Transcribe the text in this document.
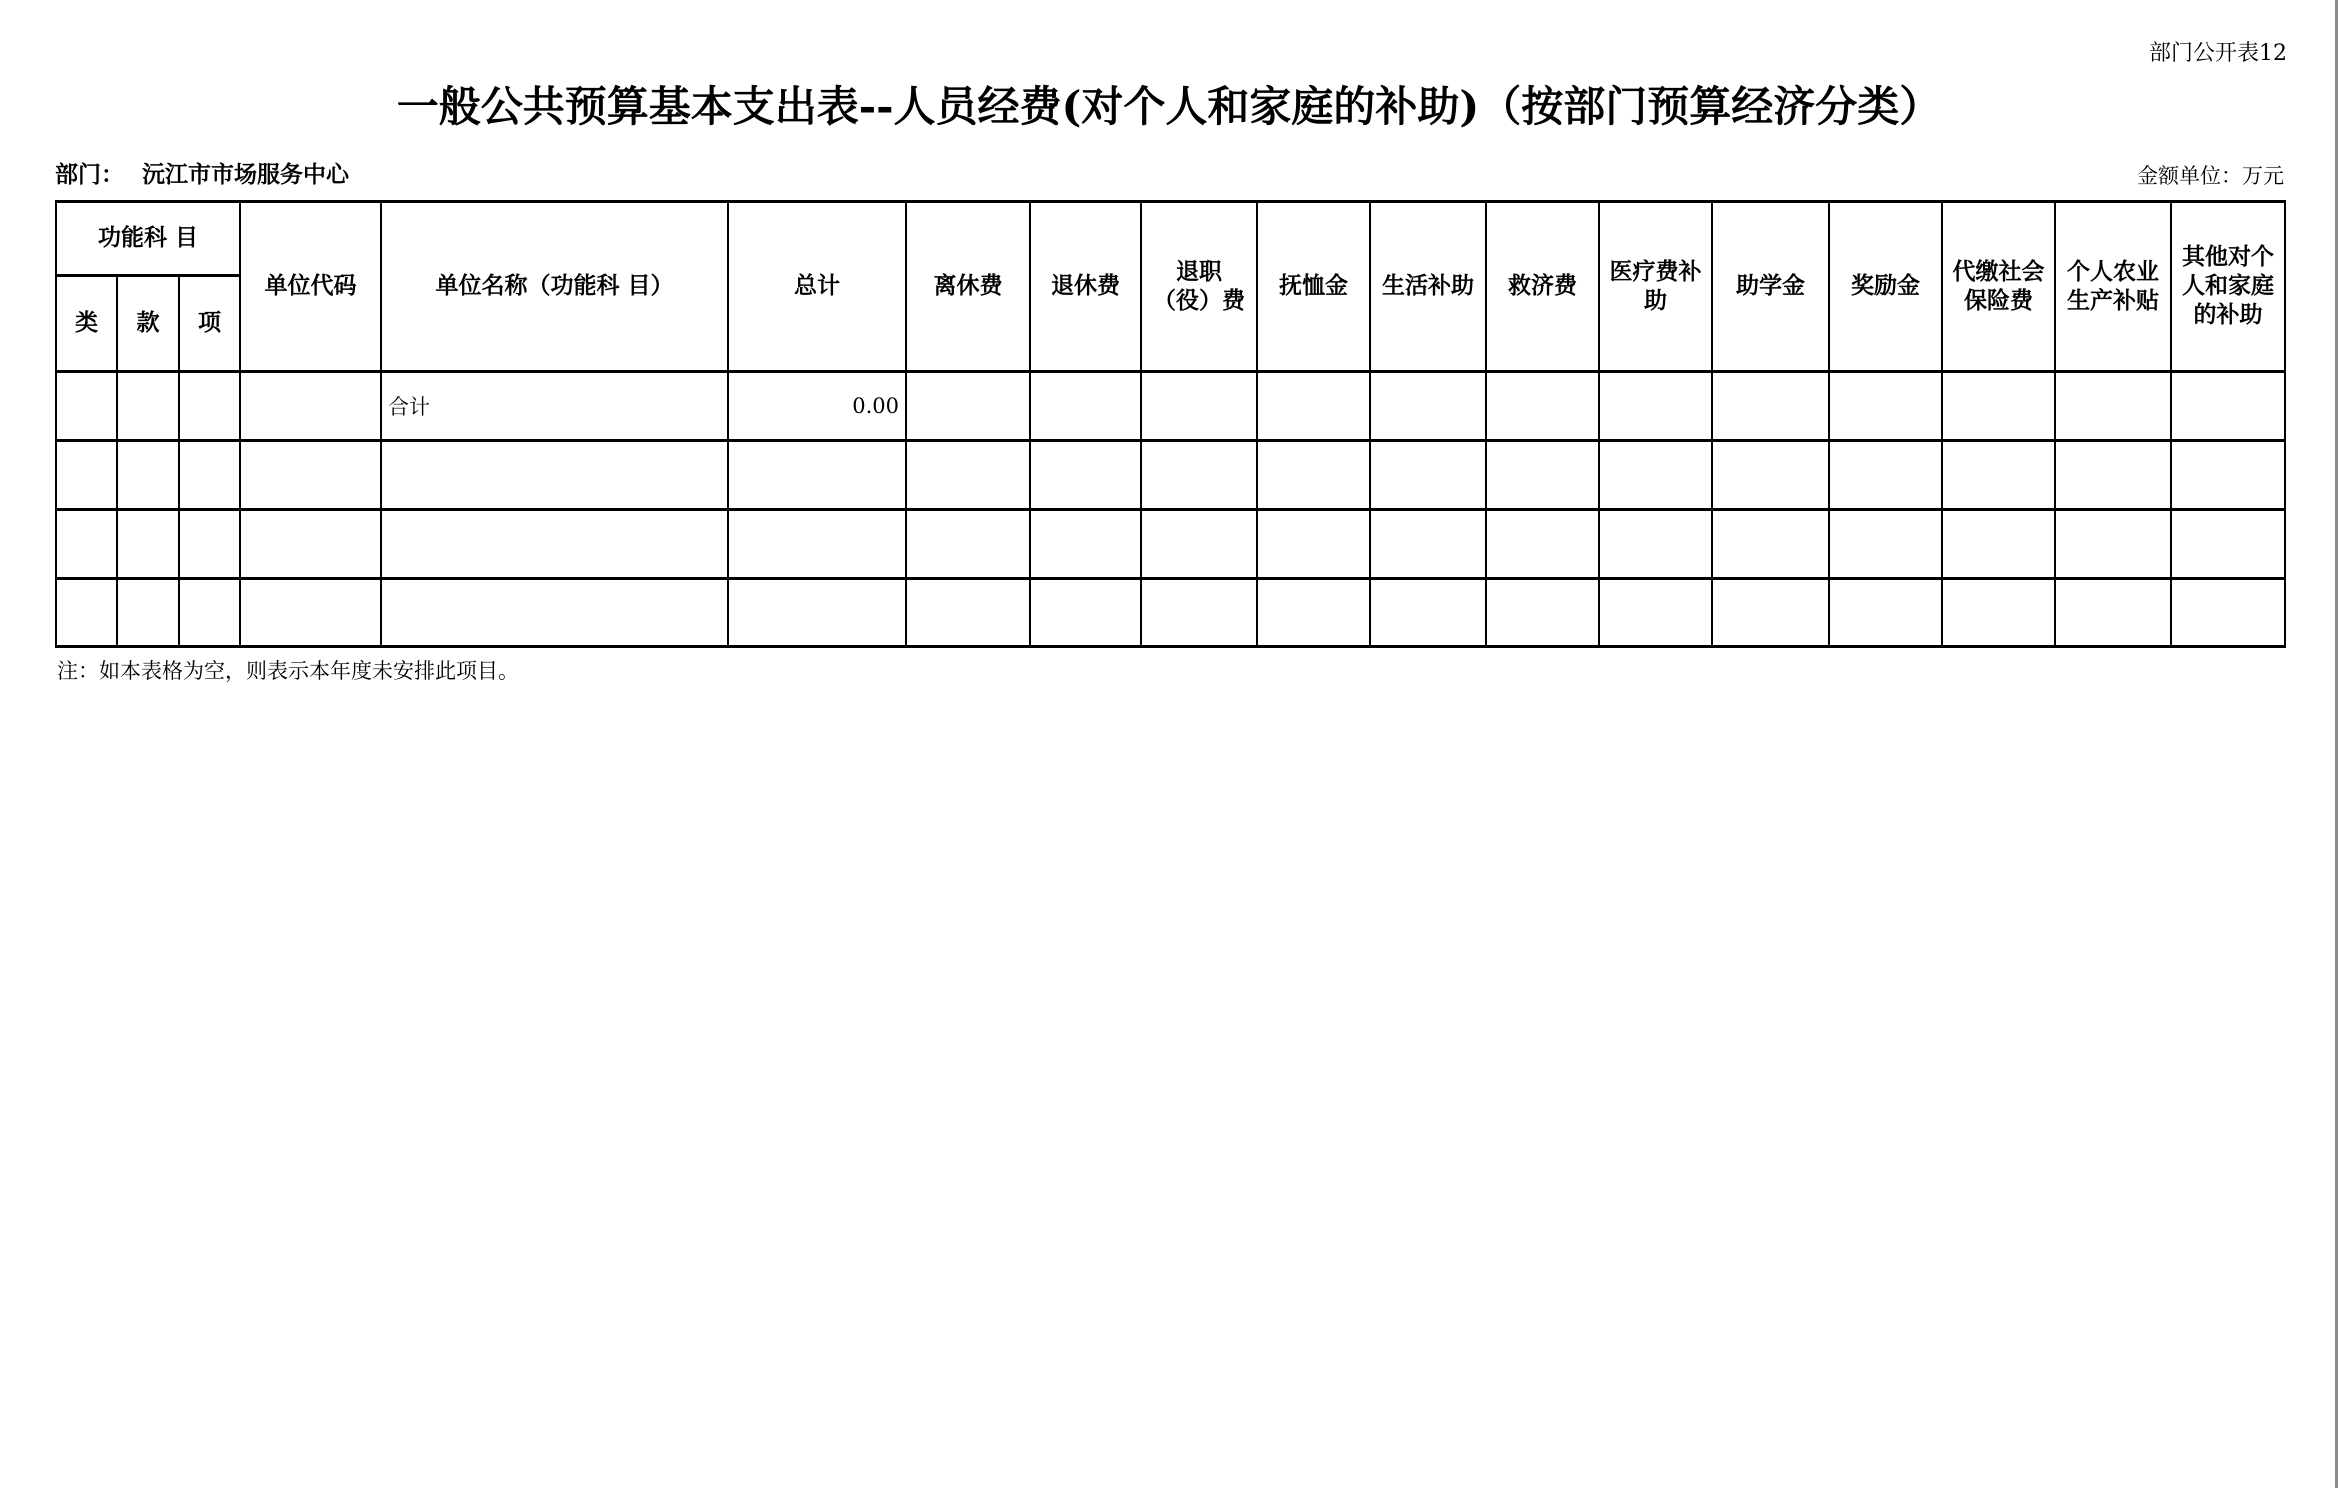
部门公开表12
一般公共预算基本支出表--人员经费(对个人和家庭的补助)（按部门预算经济分类）
部门： 沅江市市场服务中心	金额单位：万元
功能科 目			单位代码	单位名称（功能科 目）	总计	离休费	退休费	退职（役）费	抚恤金	生活补助	救济费	医疗费补助	助学金	奖励金	代缴社会保险费	个人农业生产补贴	其他对个人和家庭的补助
类	款	项															
				合计	0.00												

注：如本表格为空，则表示本年度未安排此项目。
